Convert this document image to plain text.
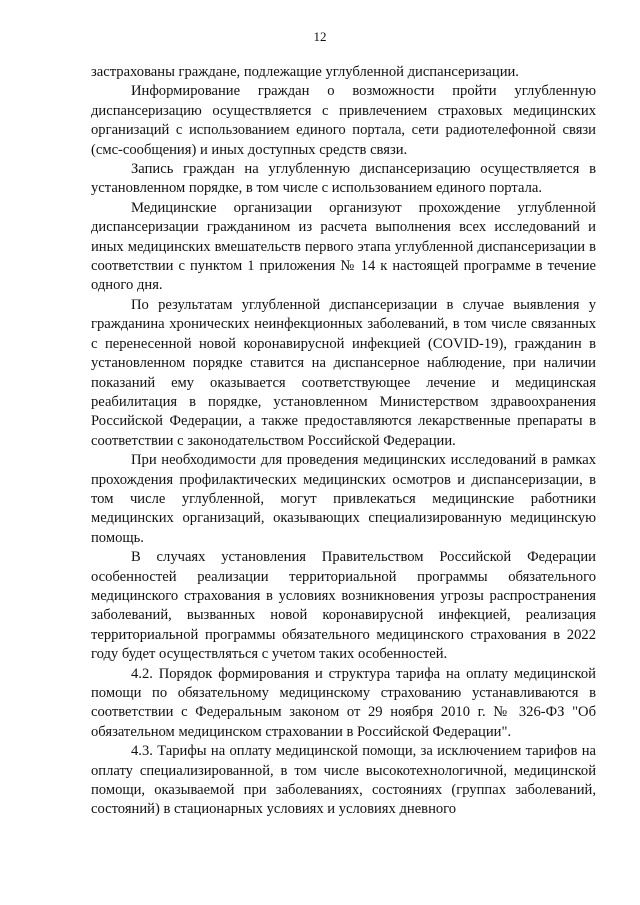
12

застрахованы граждане, подлежащие углубленной диспансеризации.

Информирование граждан о возможности пройти углубленную диспансеризацию осуществляется с привлечением страховых медицинских организаций с использованием единого портала, сети радиотелефонной связи (смс-сообщения) и иных доступных средств связи.

Запись граждан на углубленную диспансеризацию осуществляется в установленном порядке, в том числе с использованием единого портала.

Медицинские организации организуют прохождение углубленной диспансеризации гражданином из расчета выполнения всех исследований и иных медицинских вмешательств первого этапа углубленной диспансеризации в соответствии с пунктом 1 приложения № 14 к настоящей программе в течение одного дня.

По результатам углубленной диспансеризации в случае выявления у гражданина хронических неинфекционных заболеваний, в том числе связанных с перенесенной новой коронавирусной инфекцией (COVID-19), гражданин в установленном порядке ставится на диспансерное наблюдение, при наличии показаний ему оказывается соответствующее лечение и медицинская реабилитация в порядке, установленном Министерством здравоохранения Российской Федерации, а также предоставляются лекарственные препараты в соответствии с законодательством Российской Федерации.

При необходимости для проведения медицинских исследований в рамках прохождения профилактических медицинских осмотров и диспансеризации, в том числе углубленной, могут привлекаться медицинские работники медицинских организаций, оказывающих специализированную медицинскую помощь.

В случаях установления Правительством Российской Федерации особенностей реализации территориальной программы обязательного медицинского страхования в условиях возникновения угрозы распространения заболеваний, вызванных новой коронавирусной инфекцией, реализация территориальной программы обязательного медицинского страхования в 2022 году будет осуществляться с учетом таких особенностей.

4.2. Порядок формирования и структура тарифа на оплату медицинской помощи по обязательному медицинскому страхованию устанавливаются в соответствии с Федеральным законом от 29 ноября 2010 г. № 326-ФЗ "Об обязательном медицинском страховании в Российской Федерации".

4.3. Тарифы на оплату медицинской помощи, за исключением тарифов на оплату специализированной, в том числе высокотехнологичной, медицинской помощи, оказываемой при заболеваниях, состояниях (группах заболеваний, состояний) в стационарных условиях и условиях дневного
